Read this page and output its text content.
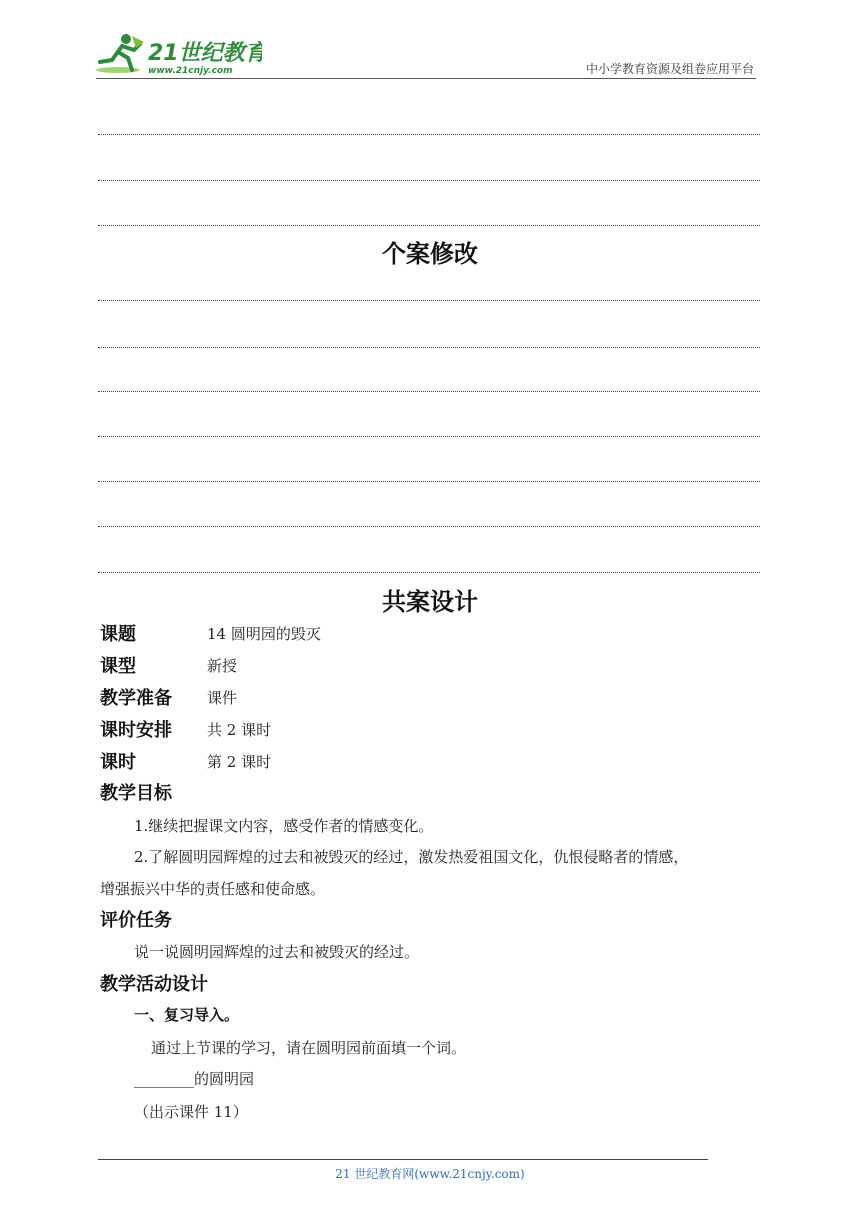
21世纪教育
www.21cnjy.com	中小学教育资源及组卷应用平台
个案修改
共案设计
课题	14 圆明园的毁灭
课型	新授
教学准备 课件
课时安排 共 2 课时
课时	第 2 课时
教学目标
1.继续把握课文内容，感受作者的情感变化。
2.了解圆明园辉煌的过去和被毁灭的经过，激发热爱祖国文化，仇恨侵略者的情感，
增强振兴中华的责任感和使命感。
评价任务
说一说圆明园辉煌的过去和被毁灭的经过。
教学活动设计
一、复习导入。
通过上节课的学习，请在圆明园前面填一个词。
________的圆明园
（出示课件 11）
21 世纪教育网(www.21cnjy.com)
